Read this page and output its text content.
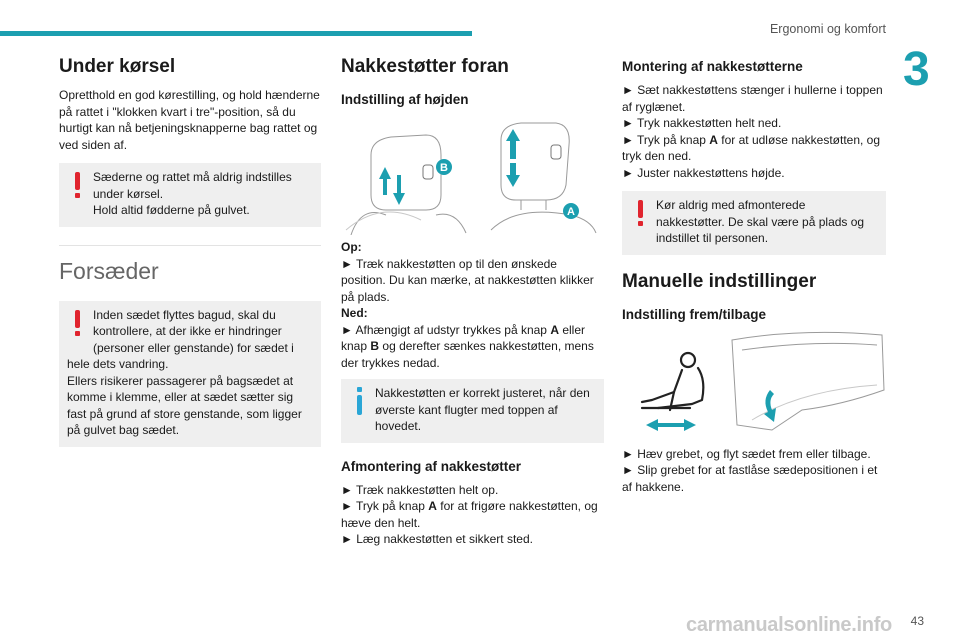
Ergonomi og komfort
3
Under kørsel

Opretthold en god kørestilling, og hold hænderne på rattet i "klokken kvart i tre"-position, så du hurtigt kan nå betjeningsknapperne bag rattet og ved siden af.

Sæderne og rattet må aldrig indstilles under kørsel.
Hold altid fødderne på gulvet.
Forsæder
Inden sædet flyttes bagud, skal du kontrollere, at der ikke er hindringer (personer eller genstande) for sædet i hele dets vandring.
Ellers risikerer passagerer på bagsædet at komme i klemme, eller at sædet sætter sig fast på grund af store genstande, som ligger på gulvet bag sædet.
Nakkestøtter foran
Indstilling af højden
B
A

Op:
► Træk nakkestøtten op til den ønskede position. Du kan mærke, at nakkestøtten klikker på plads.
Ned:
► Afhængigt af udstyr trykkes på knap A eller knap B og derefter sænkes nakkestøtten, mens der trykkes nedad.

Nakkestøtten er korrekt justeret, når den øverste kant flugter med toppen af hovedet.
Afmontering af nakkestøtter

► Træk nakkestøtten helt op.
► Tryk på knap A for at frigøre nakkestøtten, og hæve den helt.
► Læg nakkestøtten et sikkert sted.

Montering af nakkestøtterne

► Sæt nakkestøttens stænger i hullerne i toppen af ryglænet.
► Tryk nakkestøtten helt ned.
► Tryk på knap A for at udløse nakkestøtten, og tryk den ned.
► Juster nakkestøttens højde.

Kør aldrig med afmonterede nakkestøtter. De skal være på plads og indstillet til personen.
Manuelle indstillinger
Indstilling frem/tilbage

► Hæv grebet, og flyt sædet frem eller tilbage.
► Slip grebet for at fastlåse sædepositionen i et af hakkene.

carmanualsonline.info 43
